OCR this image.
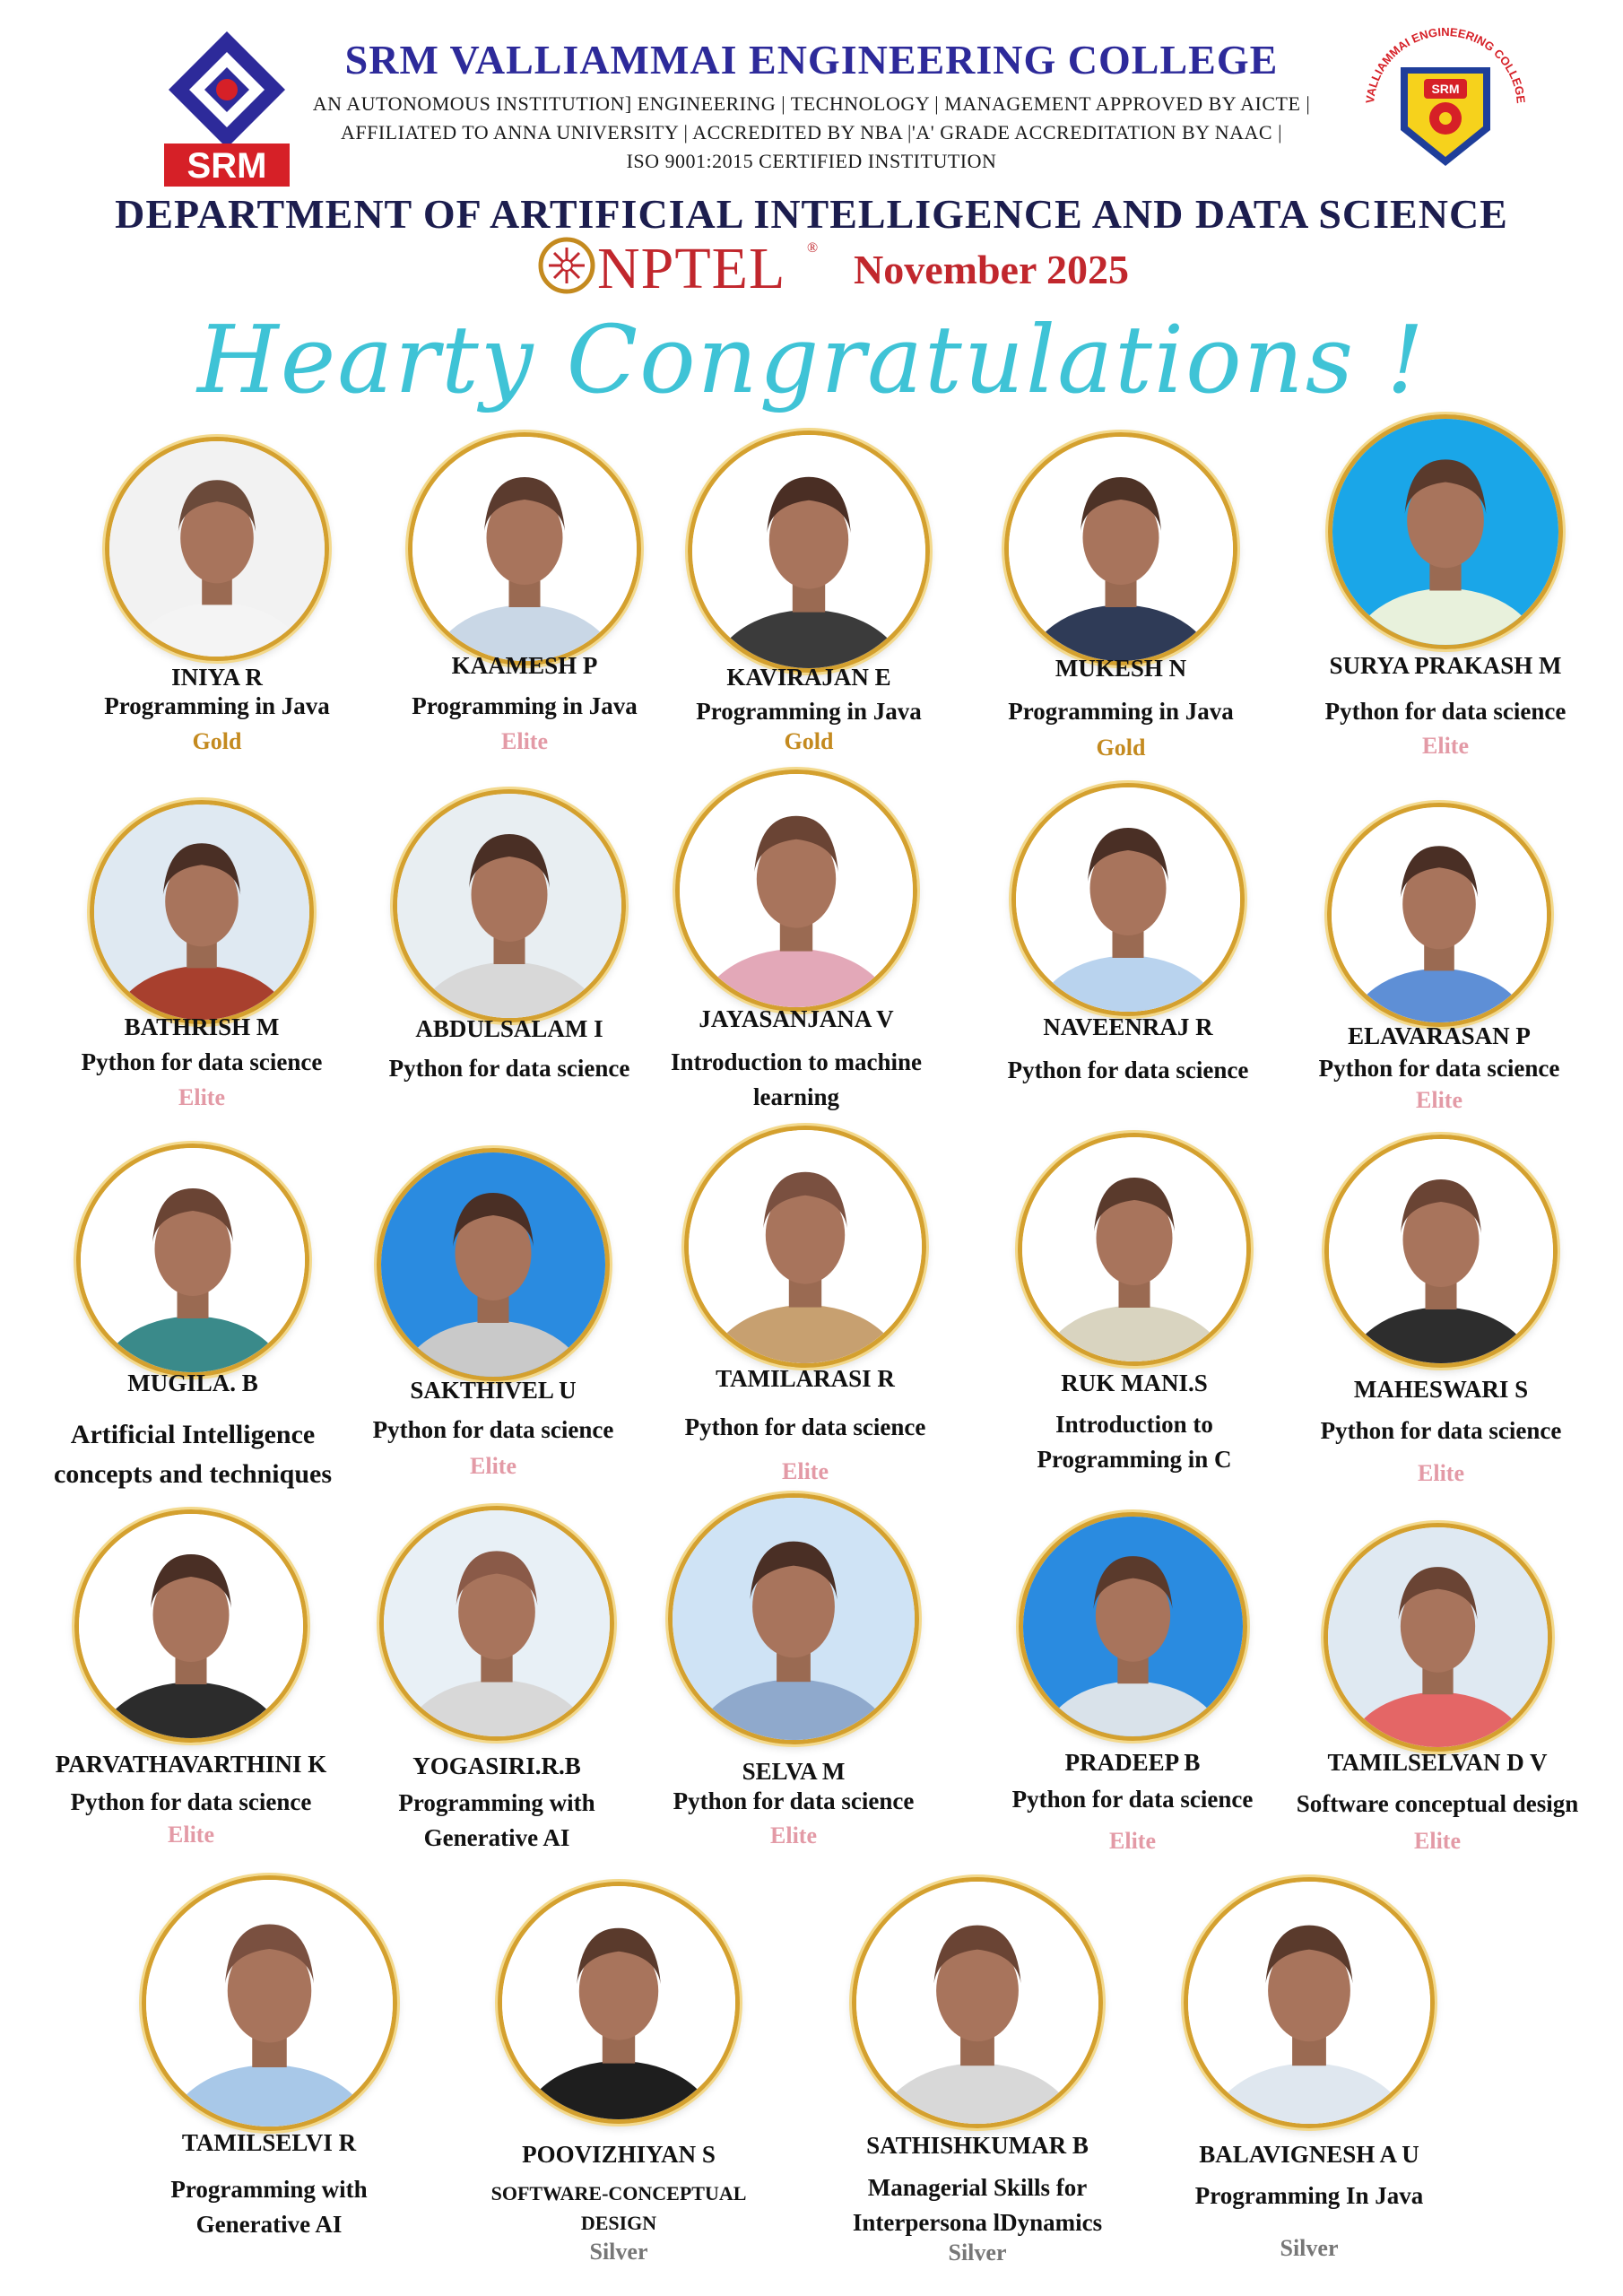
SRM
VALLIAMMAI ENGINEERING COLLEGE
SRM
SRM VALLIAMMAI ENGINEERING COLLEGE
AN AUTONOMOUS INSTITUTION] ENGINEERING | TECHNOLOGY | MANAGEMENT APPROVED BY AICTE |
AFFILIATED TO ANNA UNIVERSITY | ACCREDITED BY NBA |'A' GRADE ACCREDITATION BY NAAC |
ISO 9001:2015 CERTIFIED INSTITUTION
DEPARTMENT OF ARTIFICIAL INTELLIGENCE AND DATA SCIENCE
NPTEL ® November 2025
Hearty Congratulations !
INIYA R
Programming in Java
Gold
KAAMESH P
Programming in Java
Elite
KAVIRAJAN E
Programming in Java
Gold
MUKESH N
Programming in Java
Gold
SURYA PRAKASH M
Python for data science
Elite
BATHRISH M
Python for data science
Elite
ABDULSALAM I
Python for data science
JAYASANJANA V
Introduction to machine learning
NAVEENRAJ R
Python for data science
ELAVARASAN P
Python for data science
Elite
MUGILA. B
Artificial Intelligence
concepts and techniques
SAKTHIVEL U
Python for data science
Elite
TAMILARASI R
Python for data science
Elite
RUK MANI.S
Introduction to
Programming in C
MAHESWARI S
Python for data science
Elite
PARVATHAVARTHINI K
Python for data science
Elite
YOGASIRI.R.B
Programming with
Generative AI
SELVA M
Python for data science
Elite
PRADEEP B
Python for data science
Elite
TAMILSELVAN D V
Software conceptual design
Elite
TAMILSELVI R
Programming with
Generative AI
POOVIZHIYAN S
SOFTWARE-CONCEPTUAL
DESIGN
Silver
SATHISHKUMAR B
Managerial Skills for
Interpersona lDynamics
Silver
BALAVIGNESH A U
Programming In Java
Silver
